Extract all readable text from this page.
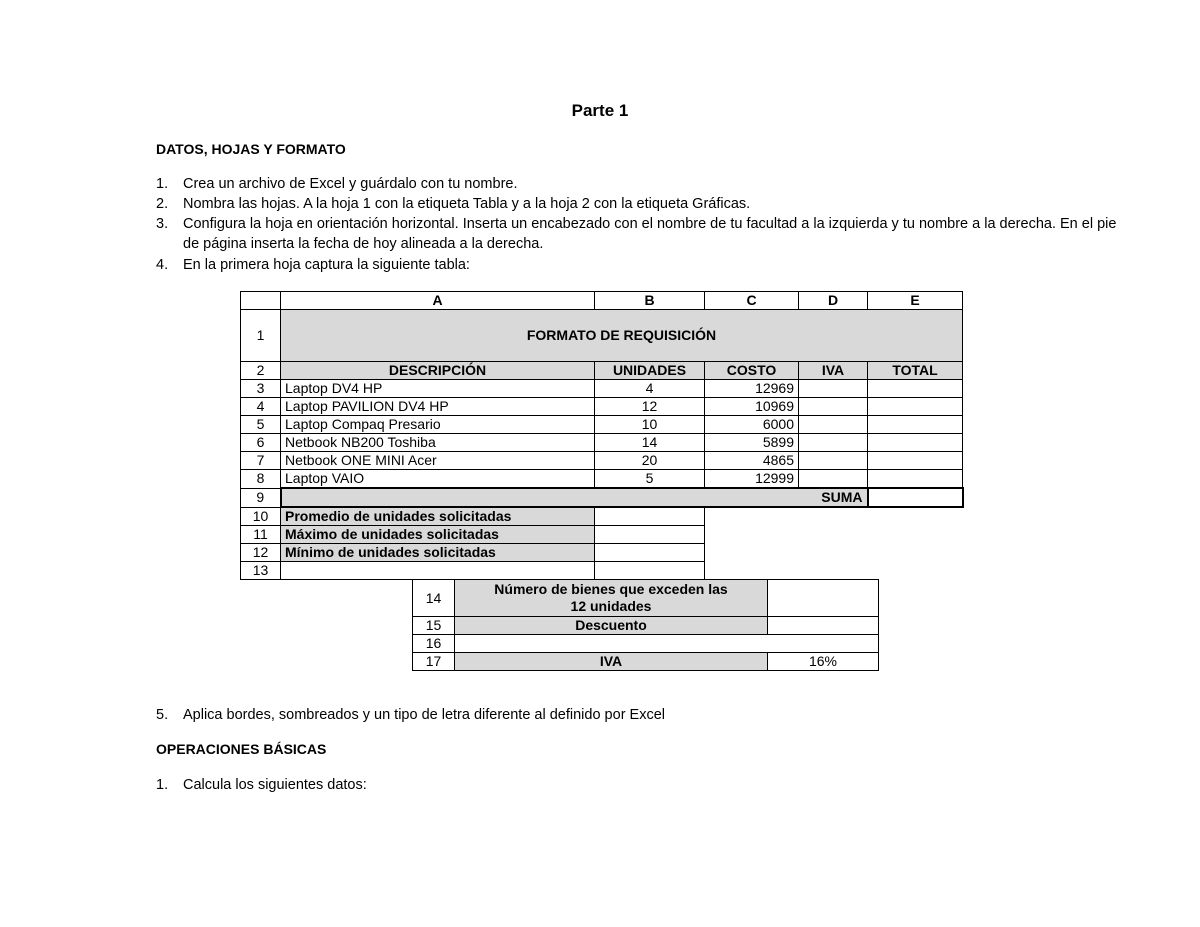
Parte 1
DATOS, HOJAS Y FORMATO
1.	Crea un archivo de Excel y guárdalo con tu nombre.
2.	Nombra las hojas. A la hoja 1 con la etiqueta Tabla y a la hoja 2 con la etiqueta Gráficas.
3.	Configura la hoja en orientación horizontal. Inserta un encabezado con el nombre de tu facultad a la izquierda y tu nombre a la derecha. En el pie de página inserta la fecha de hoy alineada a la derecha.
4.	En la primera hoja captura la siguiente tabla:
	A	B	C	D	E
1	FORMATO DE REQUISICIÓN				
2	DESCRIPCIÓN	UNIDADES	COSTO	IVA	TOTAL
3	Laptop DV4 HP	4	12969		
4	Laptop PAVILION DV4 HP	12	10969		
5	Laptop Compaq Presario	10	6000		
6	Netbook NB200 Toshiba	14	5899		
7	Netbook ONE MINI Acer	20	4865		
8	Laptop VAIO	5	12999		
9	SUMA				
10	Promedio de unidades solicitadas				
11	Máximo de unidades solicitadas				
12	Mínimo de unidades solicitadas				
13					
14	Número de bienes que exceden las 12 unidades	
15	Descuento	
16		
17	IVA	16%
5.	Aplica bordes, sombreados y un tipo de letra diferente al definido por Excel
OPERACIONES BÁSICAS
1.	Calcula los siguientes datos:
